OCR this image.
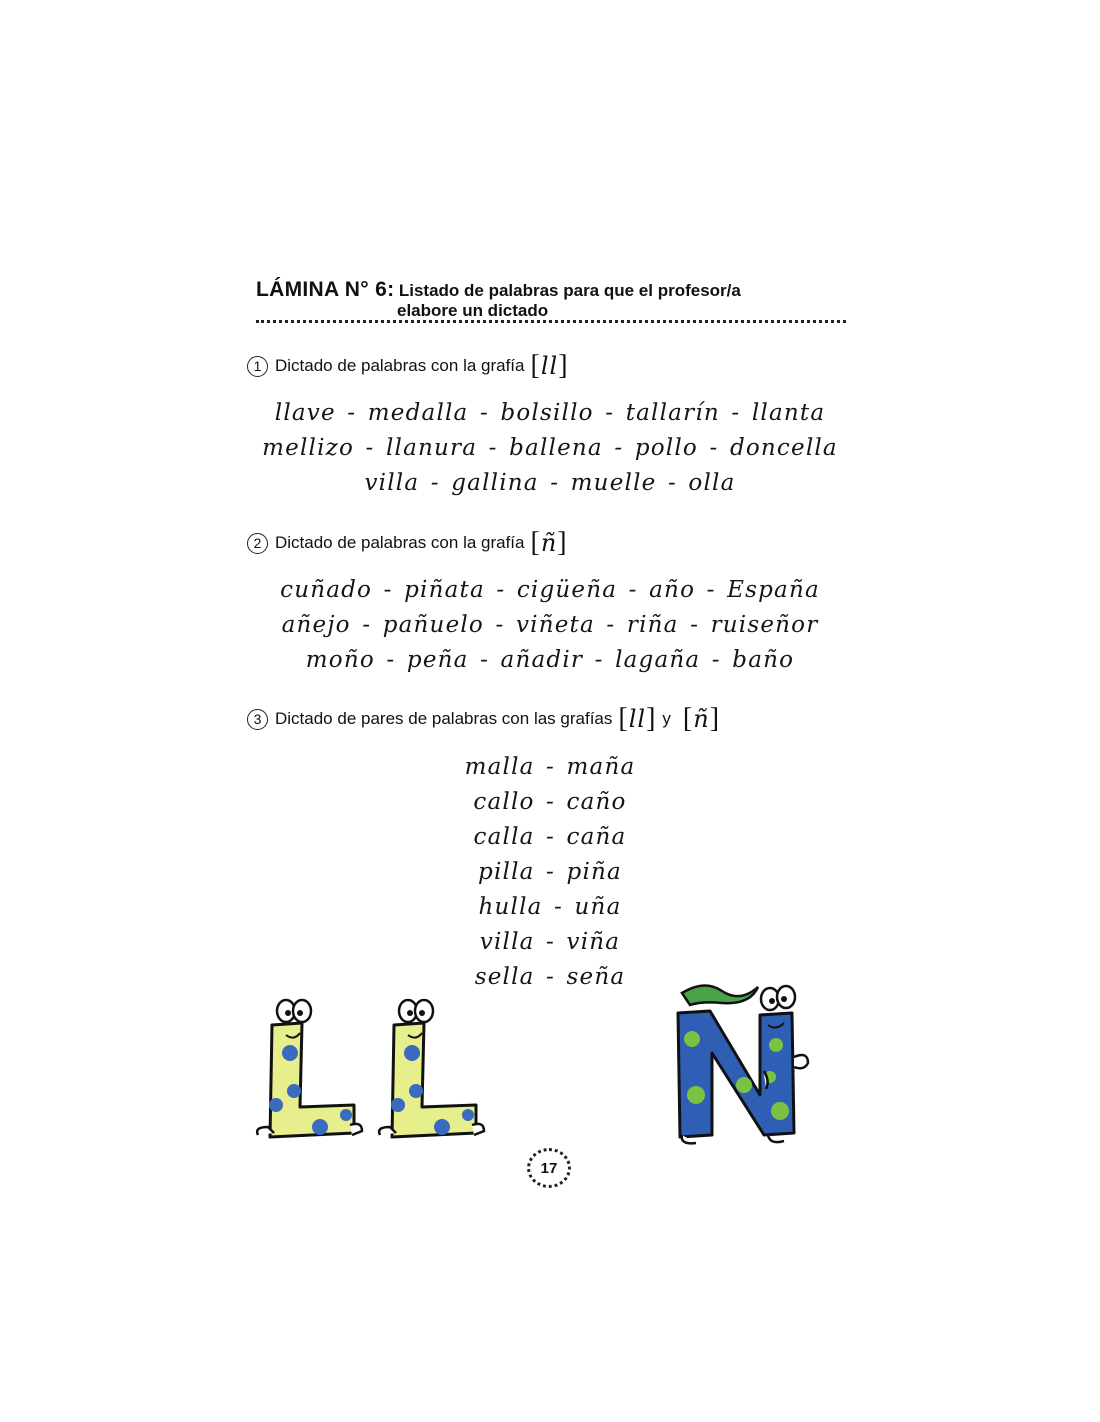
LÁMINA N° 6: Listado de palabras para que el profesor/a
elabore un dictado
1 Dictado de palabras con la grafía [ll]
llave - medalla - bolsillo - tallarín - llanta
mellizo - llanura - ballena - pollo - doncella
villa - gallina - muelle - olla
2 Dictado de palabras con la grafía [ñ]
cuñado - piñata - cigüeña - año - España
añejo - pañuelo - viñeta - riña - ruiseñor
moño - peña - añadir - lagaña - baño
3 Dictado de pares de palabras con las grafías [ll] y [ñ]
malla - maña
callo - caño
calla - caña
pilla - piña
hulla - uña
villa - viña
sella - seña
17
